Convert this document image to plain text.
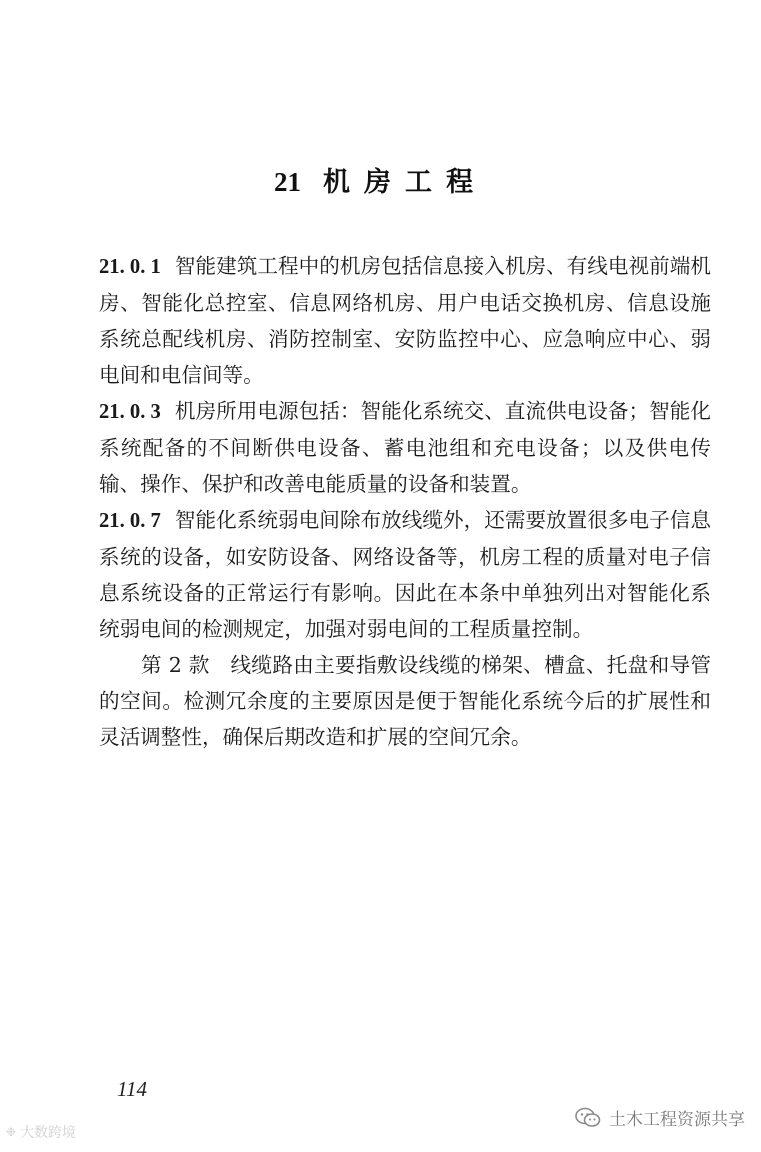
21 机房工程

21. 0. 1 智能建筑工程中的机房包括信息接入机房、有线电视前端机房、智能化总控室、信息网络机房、用户电话交换机房、信息设施系统总配线机房、消防控制室、安防监控中心、应急响应中心、弱电间和电信间等。

21. 0. 3 机房所用电源包括：智能化系统交、直流供电设备；智能化系统配备的不间断供电设备、蓄电池组和充电设备；以及供电传输、操作、保护和改善电能质量的设备和装置。

21. 0. 7 智能化系统弱电间除布放线缆外，还需要放置很多电子信息系统的设备，如安防设备、网络设备等，机房工程的质量对电子信息系统设备的正常运行有影响。因此在本条中单独列出对智能化系统弱电间的检测规定，加强对弱电间的工程质量控制。

第 2 款　线缆路由主要指敷设线缆的梯架、槽盒、托盘和导管的空间。检测冗余度的主要原因是便于智能化系统今后的扩展性和灵活调整性，确保后期改造和扩展的空间冗余。

114
❉ 大数跨境
土木工程资源共享
